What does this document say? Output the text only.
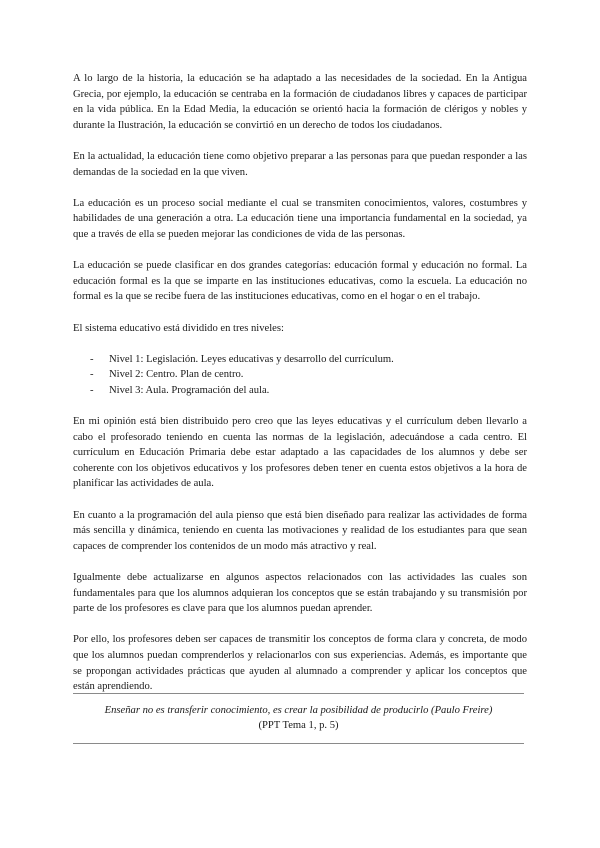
A lo largo de la historia, la educación se ha adaptado a las necesidades de la sociedad. En la Antigua Grecia, por ejemplo, la educación se centraba en la formación de ciudadanos libres y capaces de participar en la vida pública. En la Edad Media, la educación se orientó hacia la formación de clérigos y nobles y durante la Ilustración, la educación se convirtió en un derecho de todos los ciudadanos.

En la actualidad, la educación tiene como objetivo preparar a las personas para que puedan responder a las demandas de la sociedad en la que viven.

La educación es un proceso social mediante el cual se transmiten conocimientos, valores, costumbres y habilidades de una generación a otra. La educación tiene una importancia fundamental en la sociedad, ya que a través de ella se pueden mejorar las condiciones de vida de las personas.

La educación se puede clasificar en dos grandes categorías: educación formal y educación no formal. La educación formal es la que se imparte en las instituciones educativas, como la escuela. La educación no formal es la que se recibe fuera de las instituciones educativas, como en el hogar o en el trabajo.

El sistema educativo está dividido en tres niveles:

- Nivel 1: Legislación. Leyes educativas y desarrollo del currículum.
- Nivel 2: Centro. Plan de centro.
- Nivel 3: Aula. Programación del aula.

En mi opinión está bien distribuido pero creo que las leyes educativas y el currículum deben llevarlo a cabo el profesorado teniendo en cuenta las normas de la legislación, adecuándose a cada centro. El currículum en Educación Primaria debe estar adaptado a las capacidades de los alumnos y debe ser coherente con los objetivos educativos y los profesores deben tener en cuenta estos objetivos a la hora de planificar las actividades de aula.

En cuanto a la programación del aula pienso que está bien diseñado para realizar las actividades de forma más sencilla y dinámica, teniendo en cuenta las motivaciones y realidad de los estudiantes para que sean capaces de comprender los contenidos de un modo más atractivo y real.

Igualmente debe actualizarse en algunos aspectos relacionados con las actividades las cuales son fundamentales para que los alumnos adquieran los conceptos que se están trabajando y su transmisión por parte de los profesores es clave para que los alumnos puedan aprender.

Por ello, los profesores deben ser capaces de transmitir los conceptos de forma clara y concreta, de modo que los alumnos puedan comprenderlos y relacionarlos con sus experiencias. Además, es importante que se propongan actividades prácticas que ayuden al alumnado a comprender y aplicar los conceptos que están aprendiendo.

Enseñar no es transferir conocimiento, es crear la posibilidad de producirlo (Paulo Freire)
(PPT Tema 1, p. 5)
